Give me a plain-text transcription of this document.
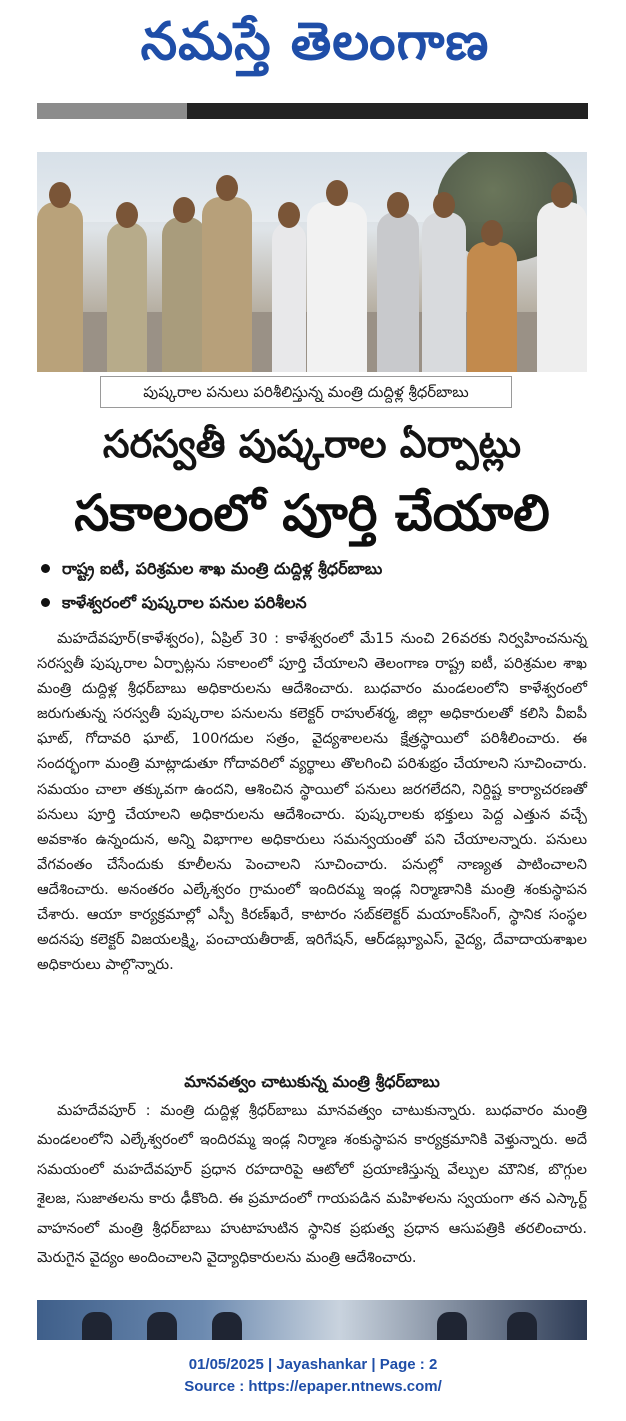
నమస్తే తెలంగాణ
పుష్కరాల పనులు పరిశీలిస్తున్న మంత్రి దుద్దిళ్ల శ్రీధర్‌బాబు
సరస్వతీ పుష్కరాల ఏర్పాట్లు
సకాలంలో పూర్తి చేయాలి
రాష్ట్ర ఐటీ, పరిశ్రమల శాఖ మంత్రి దుద్దిళ్ల శ్రీధర్‌బాబు
కాళేశ్వరంలో పుష్కరాల పనుల పరిశీలన

మహదేవపూర్(కాళేశ్వరం), ఏప్రిల్ 30 : కాళేశ్వరంలో మే15 నుంచి 26వరకు నిర్వహించనున్న సరస్వతీ పుష్కరాల ఏర్పాట్లను సకాలంలో పూర్తి చేయాలని తెలంగాణ రాష్ట్ర ఐటీ, పరిశ్రమల శాఖ మంత్రి దుద్దిళ్ల శ్రీధర్‌బాబు అధికారులను ఆదేశించారు. బుధవారం మండలంలోని కాళేశ్వరంలో జరుగుతున్న సరస్వతీ పుష్కరాల పనులను కలెక్టర్ రాహుల్‌శర్మ, జిల్లా అధికారులతో కలిసి వీఐపీ ఘాట్, గోదావరి ఘాట్, 100గదుల సత్రం, వైద్యశాలలను క్షేత్రస్థాయిలో పరిశీలించారు. ఈ సందర్భంగా మంత్రి మాట్లాడుతూ గోదావరిలో వ్యర్థాలు తొలగించి పరిశుభ్రం చేయాలని సూచించారు. సమయం చాలా తక్కువగా ఉందని, ఆశించిన స్థాయిలో పనులు జరగలేదని, నిర్దిష్ట కార్యాచరణతో పనులు పూర్తి చేయాలని అధికారులను ఆదేశించారు. పుష్కరాలకు భక్తులు పెద్ద ఎత్తున వచ్చే అవకాశం ఉన్నందున, అన్ని విభాగాల అధికారులు సమన్వయంతో పని చేయాలన్నారు. పనులు వేగవంతం చేసేందుకు కూలీలను పెంచాలని సూచించారు. పనుల్లో నాణ్యత పాటించాలని ఆదేశించారు. అనంతరం ఎల్కేశ్వరం గ్రామంలో ఇందిరమ్మ ఇండ్ల నిర్మాణానికి మంత్రి శంకుస్థాపన చేశారు. ఆయా కార్యక్రమాల్లో ఎస్పీ కిరణ్‌ఖరే, కాటారం సబ్‌కలెక్టర్ మయాంక్‌సింగ్, స్థానిక సంస్థల అదనపు కలెక్టర్ విజయలక్ష్మి, పంచాయతీరాజ్, ఇరిగేషన్, ఆర్‌డబ్ల్యూఎస్, వైద్య, దేవాదాయశాఖల అధికారులు పాల్గొన్నారు.

మానవత్వం చాటుకున్న మంత్రి శ్రీధర్‌బాబు

మహదేవపూర్ : మంత్రి దుద్దిళ్ల శ్రీధర్‌బాబు మానవత్వం చాటుకున్నారు. బుధవారం మంత్రి మండలంలోని ఎల్కేశ్వరంలో ఇందిరమ్మ ఇండ్ల నిర్మాణ శంకుస్థాపన కార్యక్రమానికి వెళ్తున్నారు. అదే సమయంలో మహదేవపూర్ ప్రధాన రహదారిపై ఆటోలో ప్రయాణిస్తున్న వేల్పుల మౌనిక, బొగ్గుల శైలజ, సుజాతలను కారు ఢీకొంది. ఈ ప్రమాదంలో గాయపడిన మహిళలను స్వయంగా తన ఎస్కార్ట్ వాహనంలో మంత్రి శ్రీధర్‌బాబు హుటాహుటిన స్థానిక ప్రభుత్వ ప్రధాన ఆసుపత్రికి తరలించారు. మెరుగైన వైద్యం అందించాలని వైద్యాధికారులను మంత్రి ఆదేశించారు.

01/05/2025 | Jayashankar | Page : 2
Source : https://epaper.ntnews.com/
